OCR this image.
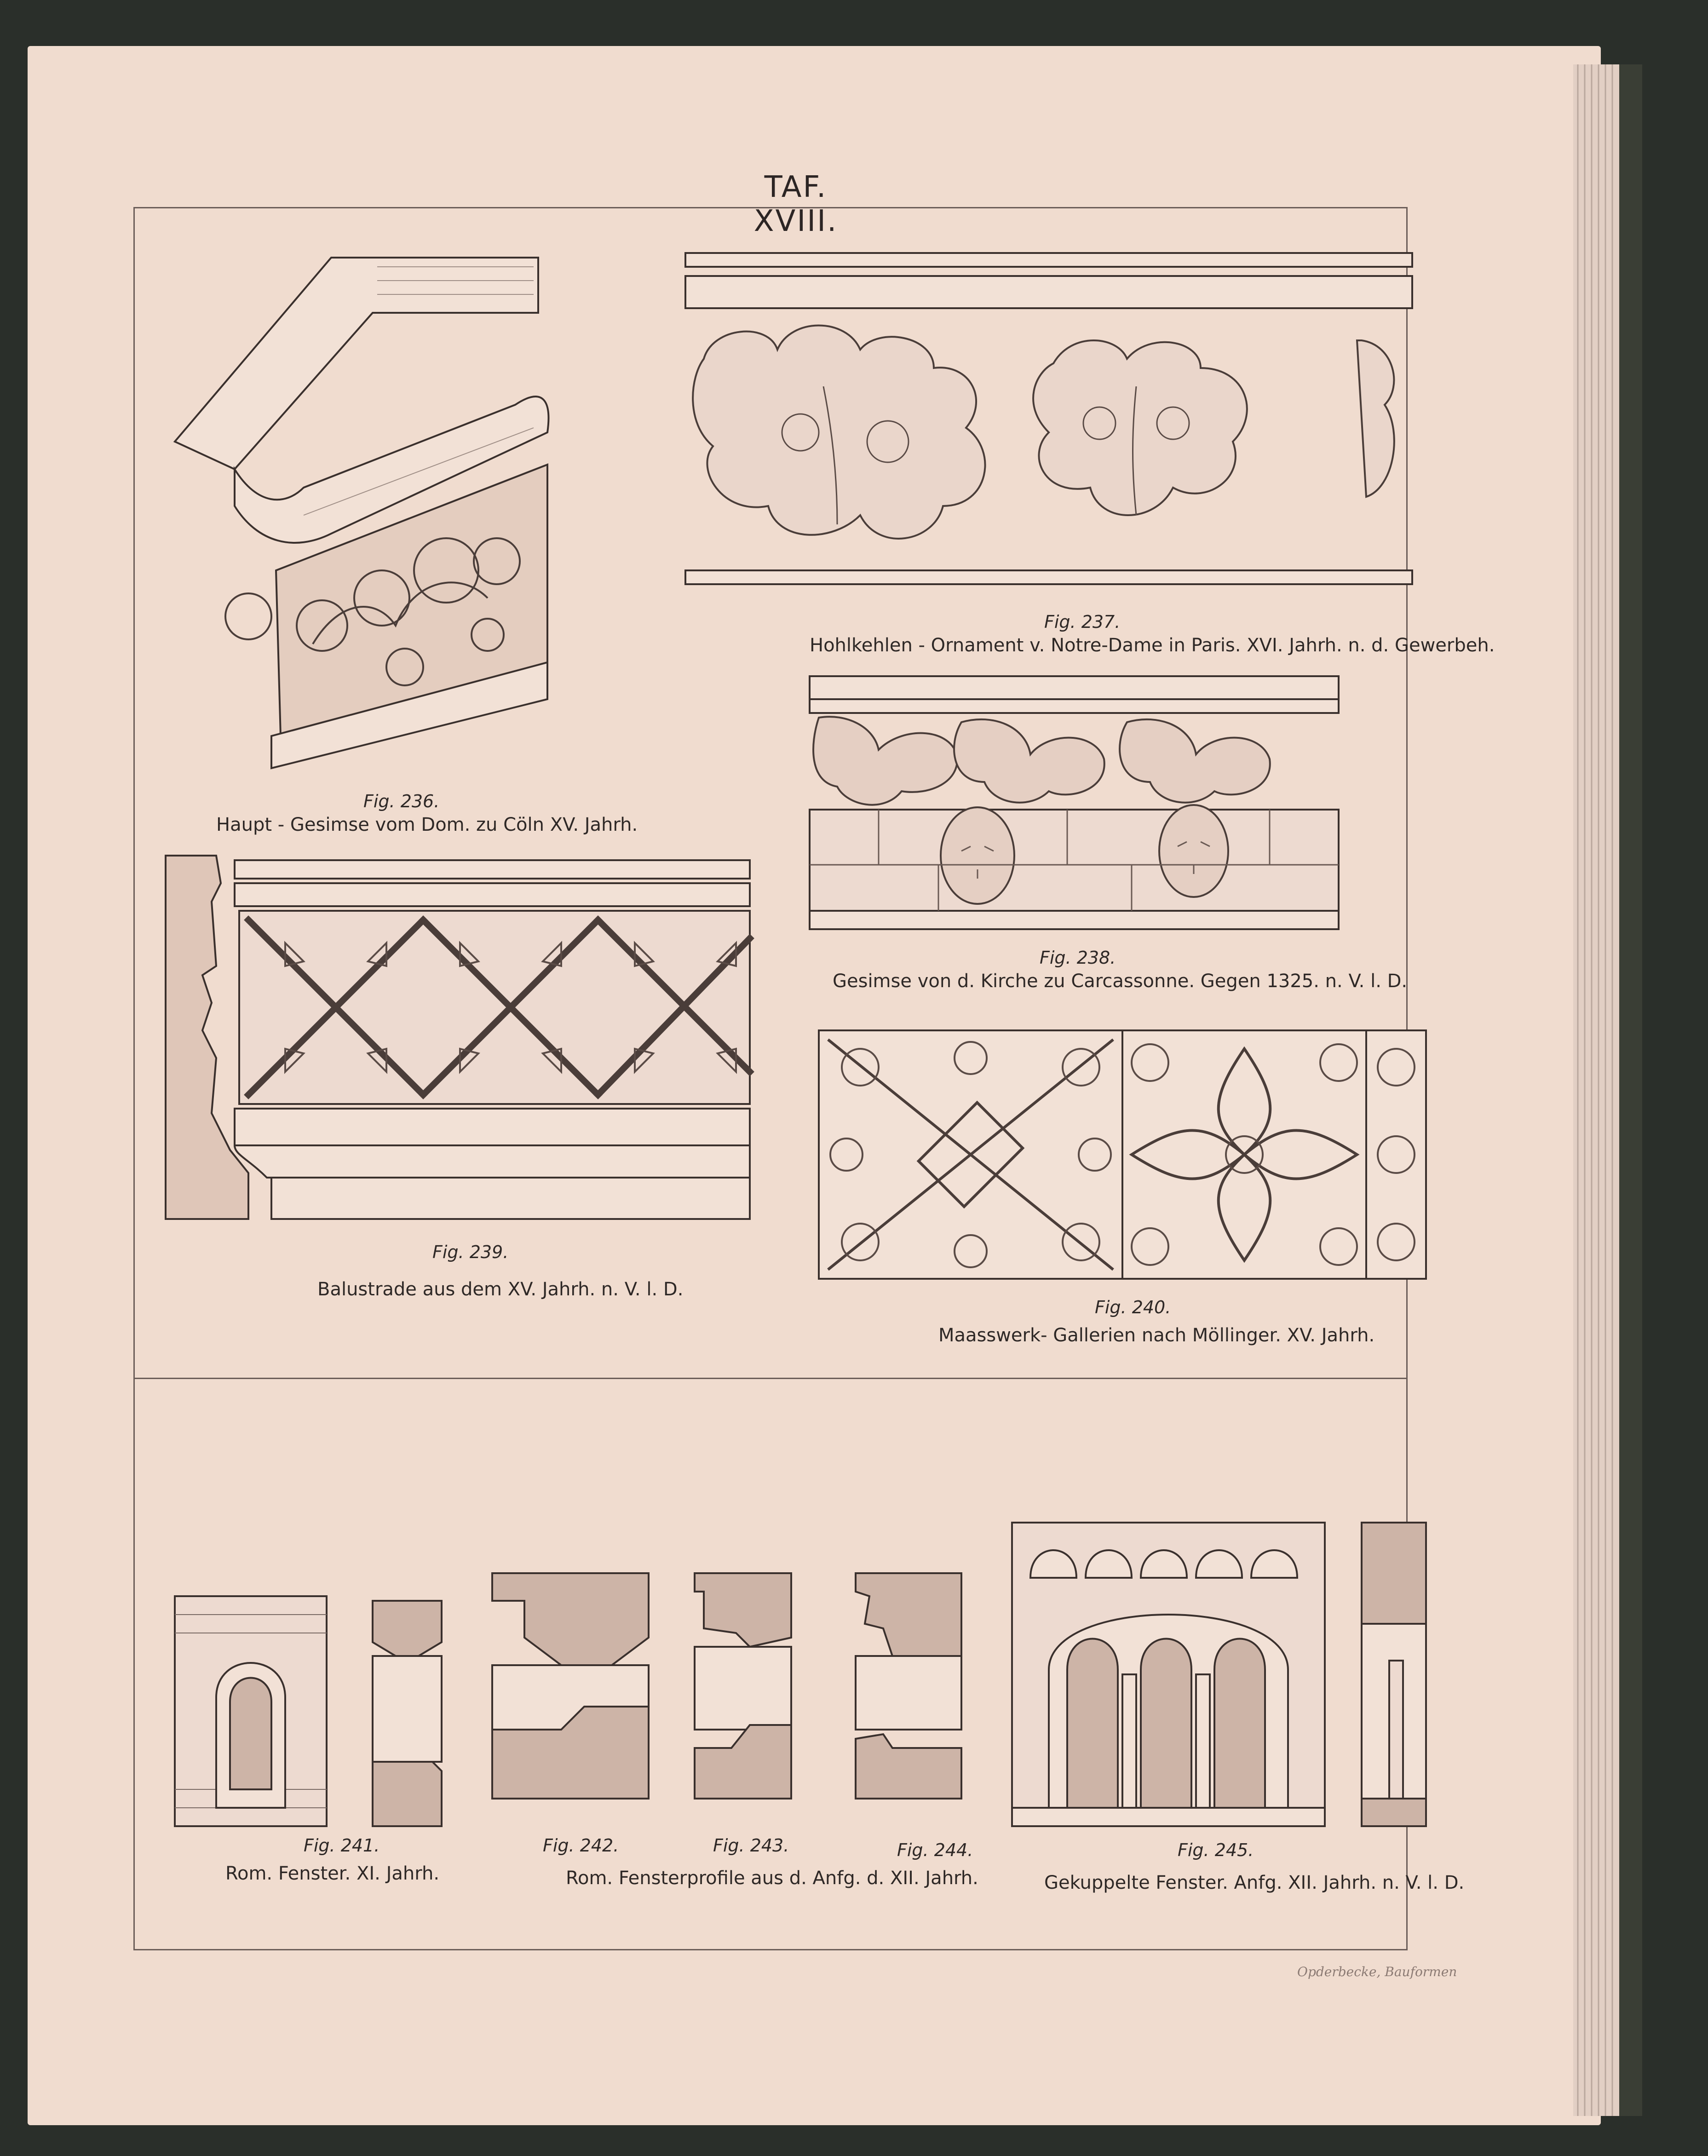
TAF. XVIII.
Fig. 236.
Haupt - Gesimse vom Dom. zu Cöln XV. Jahrh.
Fig. 237.
Hohlkehlen - Ornament v. Notre-Dame in Paris. XVI. Jahrh. n. d. Gewerbeh.
Fig. 238.
Gesimse von d. Kirche zu Carcassonne. Gegen 1325. n. V. l. D.
Fig. 239.
Balustrade aus dem XV. Jahrh. n. V. l. D.
Fig. 240.
Maasswerk- Gallerien nach Möllinger. XV. Jahrh.
Fig. 241.
Rom. Fenster. XI. Jahrh.
Fig. 242.	Fig. 243.	Fig. 244.
Rom. Fensterprofile aus d. Anfg. d. XII. Jahrh.
Fig. 245.
Gekuppelte Fenster. Anfg. XII. Jahrh. n. V. l. D.
Opderbecke, Bauformen
